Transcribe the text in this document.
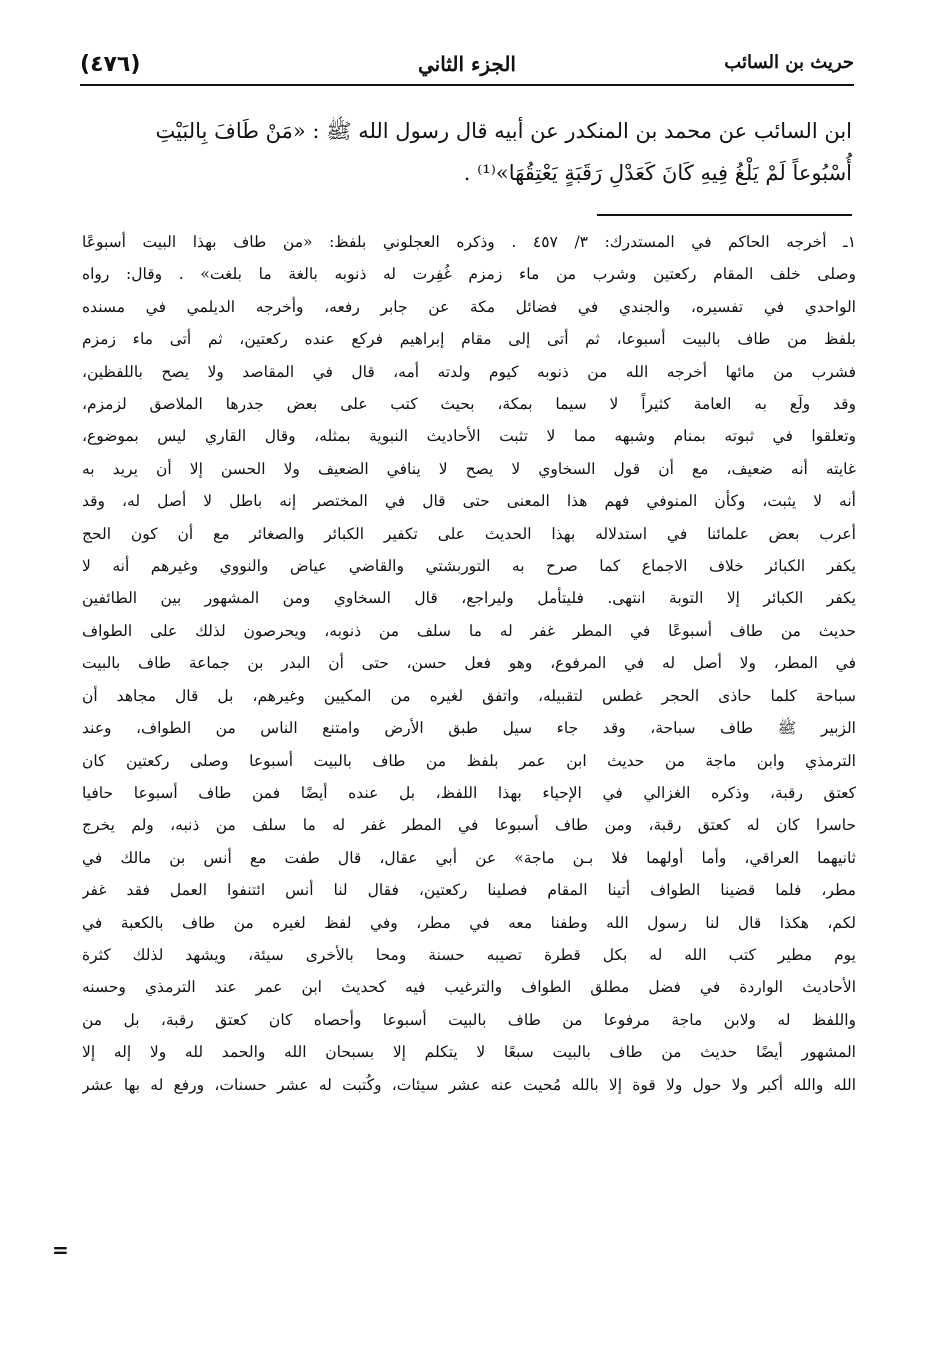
(٤٧٦)	الجزء الثاني	حريث بن السائب
ابن السائب عن محمد بن المنكدر عن أبيه قال رسول الله ﷺ : «مَنْ طَافَ بِالبَيْتِ
أُسْبُوعاً لَمْ يَلْغُ فِيهِ كَانَ كَعَدْلِ رَقَبَةٍ يَعْتِقُهَا»⁽¹⁾ .
١ـ أخرجه الحاكم في المستدرك: ٣/ ٤٥٧ . وذكره العجلوني بلفظ: «من طاف بهذا البيت أسبوعًا
وصلى خلف المقام ركعتين وشرب من ماء زمزم غُفِرت له ذنوبه بالغة ما بلغت» . وقال: رواه
الواحدي في تفسيره، والجندي في فضائل مكة عن جابر رفعه، وأخرجه الديلمي في مسنده
بلفظ من طاف بالبيت أسبوعا، ثم أتى إلى مقام إبراهيم فركع عنده ركعتين، ثم أتى ماء زمزم
فشرب من مائها أخرجه الله من ذنوبه كيوم ولدته أمه، قال في المقاصد ولا يصح باللفظين،
وقد ولَع به العامة كثيراً لا سيما بمكة، بحيث كتب على بعض جدرها الملاصق لزمزم،
وتعلقوا في ثبوته بمنام وشبهه مما لا تثبت الأحاديث النبوية بمثله، وقال القاري ليس بموضوع،
غايته أنه ضعيف، مع أن قول السخاوي لا يصح لا ينافي الضعيف ولا الحسن إلا أن يريد به
أنه لا يثبت، وكأن المنوفي فهم هذا المعنى حتى قال في المختصر إنه باطل لا أصل له، وقد
أعرب بعض علمائنا في استدلاله بهذا الحديث على تكفير الكبائر والصغائر مع أن كون الحج
يكفر الكبائر خلاف الاجماع كما صرح به التوربشتي والقاضي عياض والنووي وغيرهم أنه لا
يكفر الكبائر إلا التوبة انتهى. فليتأمل وليراجع، قال السخاوي ومن المشهور بين الطائفين
حديث من طاف أسبوعًا في المطر غفر له ما سلف من ذنوبه، ويحرصون لذلك على الطواف
في المطر، ولا أصل له في المرفوع، وهو فعل حسن، حتى أن البدر بن جماعة طاف بالبيت
سباحة كلما حاذى الحجر غطس لتقبيله، واتفق لغيره من المكيين وغيرهم، بل قال مجاهد أن
الزبير ﷺ طاف سباحة، وقد جاء سيل طبق الأرض وامتنع الناس من الطواف، وعند
الترمذي وابن ماجة من حديث ابن عمر بلفظ من طاف بالبيت أسبوعا وصلى ركعتين كان
كعتق رقبة، وذكره الغزالي في الإحياء بهذا اللفظ، بل عنده أيضًا فمن طاف أسبوعا حافيا
حاسرا كان له كعتق رقبة، ومن طاف أسبوعا في المطر غفر له ما سلف من ذنبه، ولم يخرج
ثانيهما العراقي، وأما أولهما فلا بـن ماجة» عن أبي عقال، قال طفت مع أنس بن مالك في
مطر، فلما قضينا الطواف أتينا المقام فصلينا ركعتين، فقال لنا أنس ائتنفوا العمل فقد غفر
لكم، هكذا قال لنا رسول الله وطفنا معه في مطر، وفي لفظ لغيره من طاف بالكعبة في
يوم مطير كتب الله له بكل قطرة تصيبه حسنة ومحا بالأخرى سيئة، ويشهد لذلك كثرة
الأحاديث الواردة في فضل مطلق الطواف والترغيب فيه كحديث ابن عمر عند الترمذي وحسنه
واللفظ له ولابن ماجة مرفوعا من طاف بالبيت أسبوعا وأحصاه كان كعتق رقبة، بل من
المشهور أيضًا حديث من طاف بالبيت سبعًا لا يتكلم إلا بسبحان الله والحمد لله ولا إله إلا
الله والله أكبر ولا حول ولا قوة إلا بالله مُحيت عنه عشر سيئات، وكُتبت له عشر حسنات، ورفع له بها عشر
=
